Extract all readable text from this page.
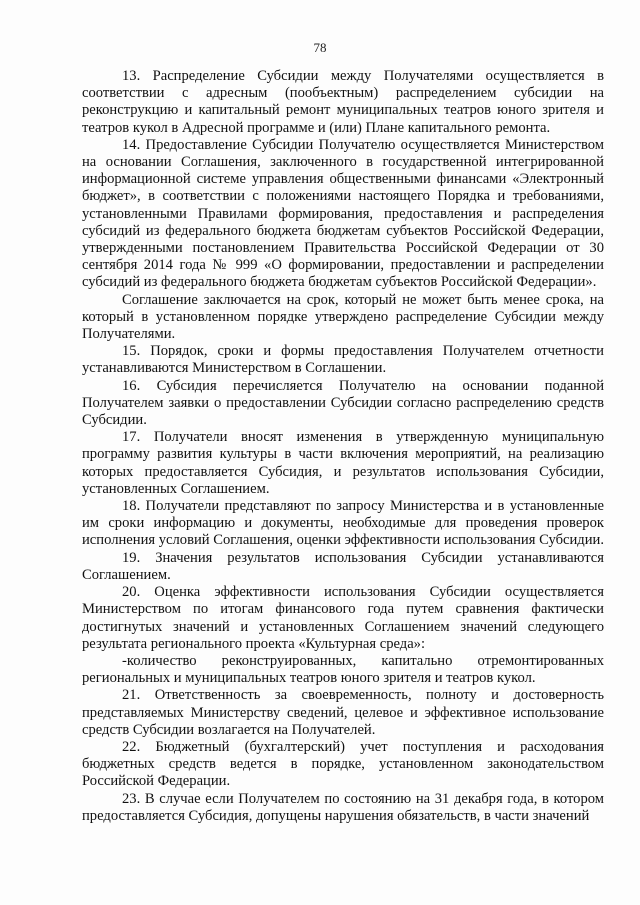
78

13. Распределение Субсидии между Получателями осуществляется в соответствии с адресным (пообъектным) распределением субсидии на реконструкцию и капитальный ремонт муниципальных театров юного зрителя и театров кукол в Адресной программе и (или) Плане капитального ремонта.

14. Предоставление Субсидии Получателю осуществляется Министерством на основании Соглашения, заключенного в государственной интегрированной информационной системе управления общественными финансами «Электронный бюджет», в соответствии с положениями настоящего Порядка и требованиями, установленными Правилами формирования, предоставления и распределения субсидий из федерального бюджета бюджетам субъектов Российской Федерации, утвержденными постановлением Правительства Российской Федерации от 30 сентября 2014 года № 999 «О формировании, предоставлении и распределении субсидий из федерального бюджета бюджетам субъектов Российской Федерации».

Соглашение заключается на срок, который не может быть менее срока, на который в установленном порядке утверждено распределение Субсидии между Получателями.

15. Порядок, сроки и формы предоставления Получателем отчетности устанавливаются Министерством в Соглашении.

16. Субсидия перечисляется Получателю на основании поданной Получателем заявки о предоставлении Субсидии согласно распределению средств Субсидии.

17. Получатели вносят изменения в утвержденную муниципальную программу развития культуры в части включения мероприятий, на реализацию которых предоставляется Субсидия, и результатов использования Субсидии, установленных Соглашением.

18. Получатели представляют по запросу Министерства и в установленные им сроки информацию и документы, необходимые для проведения проверок исполнения условий Соглашения, оценки эффективности использования Субсидии.

19. Значения результатов использования Субсидии устанавливаются Соглашением.

20. Оценка эффективности использования Субсидии осуществляется Министерством по итогам финансового года путем сравнения фактически достигнутых значений и установленных Соглашением значений следующего результата регионального проекта «Культурная среда»:

-количество реконструированных, капитально отремонтированных региональных и муниципальных театров юного зрителя и театров кукол.

21. Ответственность за своевременность, полноту и достоверность представляемых Министерству сведений, целевое и эффективное использование средств Субсидии возлагается на Получателей.

22. Бюджетный (бухгалтерский) учет поступления и расходования бюджетных средств ведется в порядке, установленном законодательством Российской Федерации.

23. В случае если Получателем по состоянию на 31 декабря года, в котором предоставляется Субсидия, допущены нарушения обязательств, в части значений
